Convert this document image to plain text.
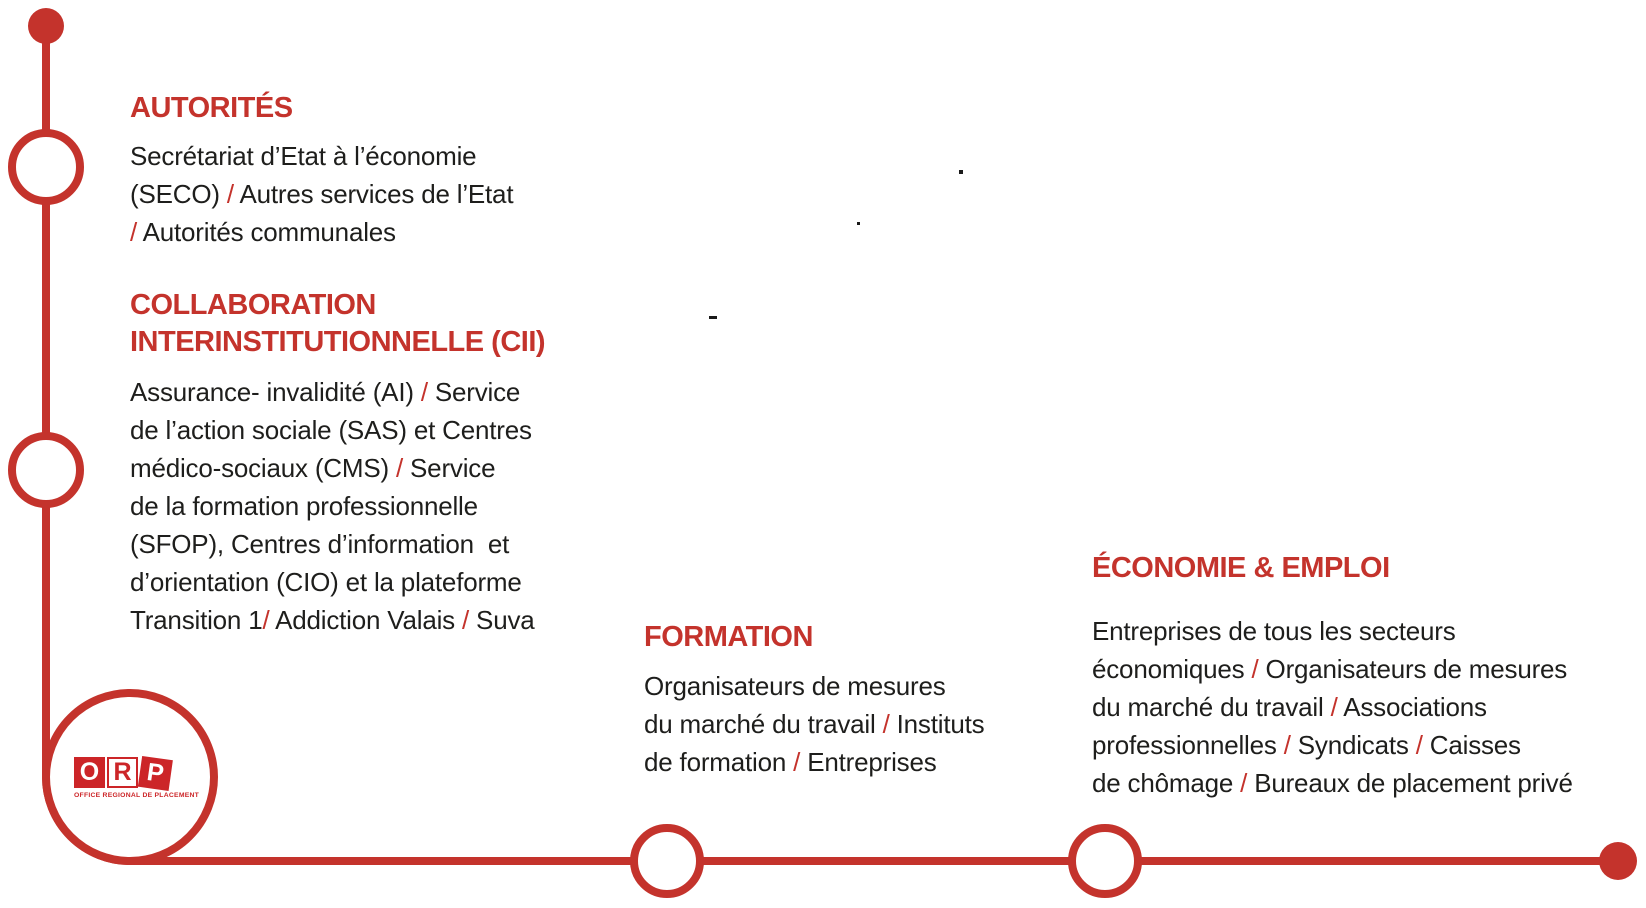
AUTORITÉS
Secrétariat d’Etat à l’économie
(SECO) / Autres services de l’Etat
/ Autorités communales
COLLABORATION
INTERINSTITUTIONNELLE (CII)
Assurance- invalidité (AI) / Service
de l’action sociale (SAS) et Centres
médico-sociaux (CMS) / Service
de la formation professionnelle
(SFOP), Centres d’information  et
d’orientation (CIO) et la plateforme
Transition 1/ Addiction Valais / Suva
FORMATION
Organisateurs de mesures
du marché du travail / Instituts
de formation / Entreprises
ÉCONOMIE & EMPLOI
Entreprises de tous les secteurs
économiques / Organisateurs de mesures
du marché du travail / Associations
professionnelles / Syndicats / Caisses
de chômage / Bureaux de placement privé
O R P
OFFICE REGIONAL DE PLACEMENT
